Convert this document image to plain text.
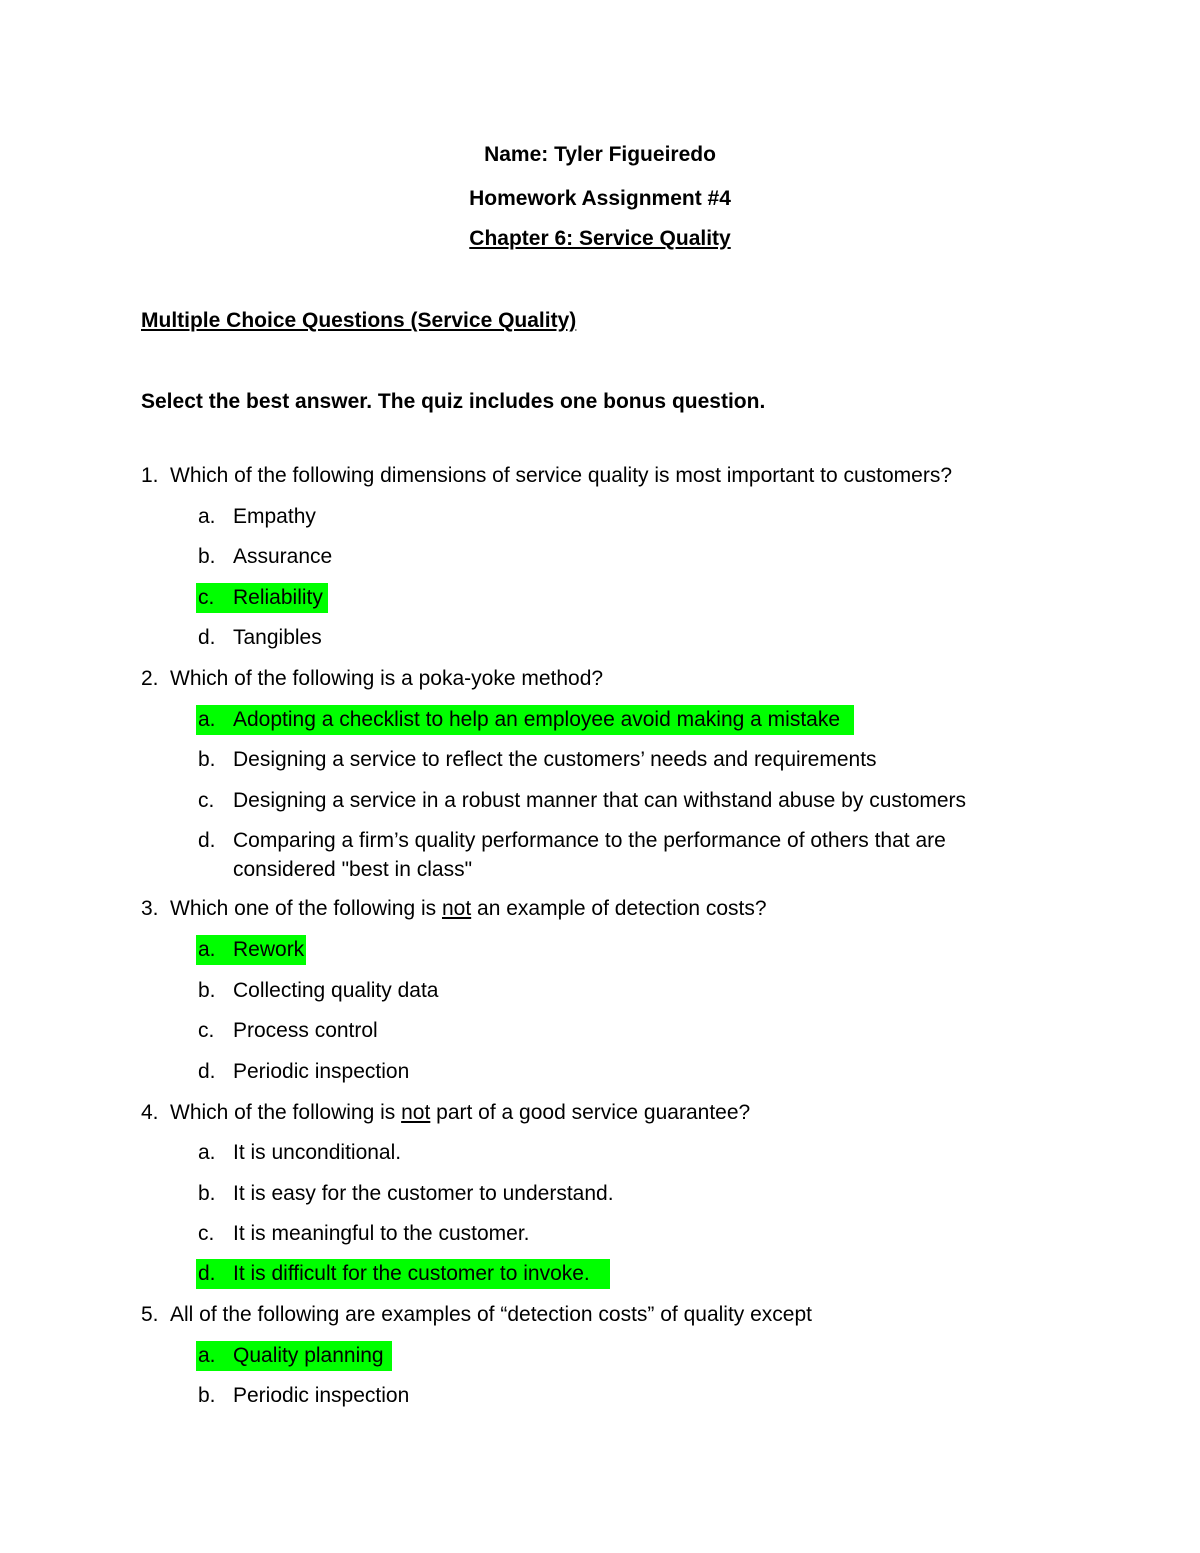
Name: Tyler Figueiredo
Homework Assignment #4
Chapter 6: Service Quality
Multiple Choice Questions (Service Quality)
Select the best answer. The quiz includes one bonus question.
1. Which of the following dimensions of service quality is most important to customers?
a. Empathy
b. Assurance
c. Reliability
d. Tangibles
2. Which of the following is a poka-yoke method?
a. Adopting a checklist to help an employee avoid making a mistake
b. Designing a service to reflect the customers’ needs and requirements
c. Designing a service in a robust manner that can withstand abuse by customers
d. Comparing a firm’s quality performance to the performance of others that are
considered "best in class"
3. Which one of the following is not an example of detection costs?
a. Rework
b. Collecting quality data
c. Process control
d. Periodic inspection
4. Which of the following is not part of a good service guarantee?
a. It is unconditional.
b. It is easy for the customer to understand.
c. It is meaningful to the customer.
d. It is difficult for the customer to invoke.
5. All of the following are examples of “detection costs” of quality except
a. Quality planning
b. Periodic inspection
